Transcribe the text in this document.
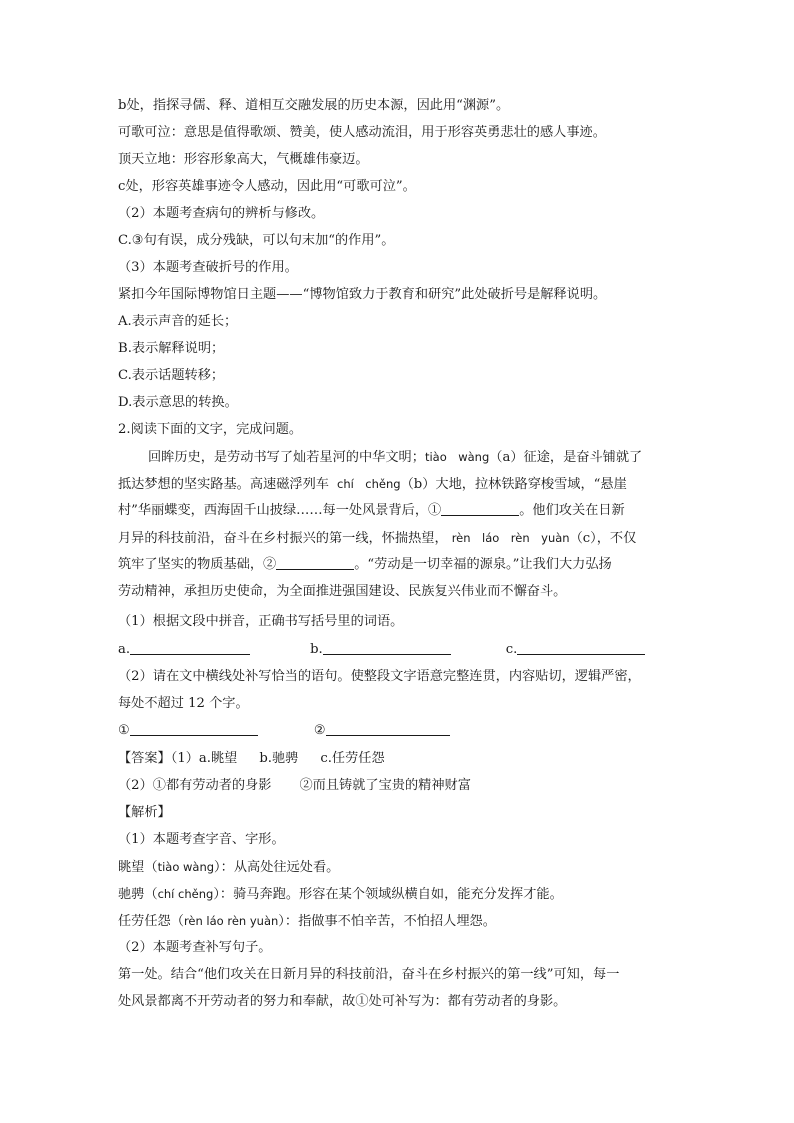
b处，指探寻儒、释、道相互交融发展的历史本源，因此用“渊源”。
可歌可泣：意思是值得歌颂、赞美，使人感动流泪，用于形容英勇悲壮的感人事迹。
顶天立地：形容形象高大，气概雄伟豪迈。
c处，形容英雄事迹令人感动，因此用“可歌可泣”。
（2）本题考查病句的辨析与修改。
C.③句有误，成分残缺，可以句末加“的作用”。
（3）本题考查破折号的作用。
紧扣今年国际博物馆日主题——“博物馆致力于教育和研究”此处破折号是解释说明。
A.表示声音的延长；
B.表示解释说明；
C.表示话题转移；
D.表示意思的转换。
2.阅读下面的文字，完成问题。
回眸历史，是劳动书写了灿若星河的中华文明；tiào　wàng（a）征途，是奋斗铺就了
抵达梦想的坚实路基。高速磁浮列车 chí　chěng（b）大地，拉林铁路穿梭雪域，“悬崖
村”华丽蝶变，西海固千山披绿……每一处风景背后，①	。他们攻关在日新
月异的科技前沿，奋斗在乡村振兴的第一线，怀揣热望， rèn　láo　rèn　yuàn（c），不仅
筑牢了坚实的物质基础，②	。“劳动是一切幸福的源泉。”让我们大力弘扬
劳动精神，承担历史使命，为全面推进强国建设、民族复兴伟业而不懈奋斗。
（1）根据文段中拼音，正确书写括号里的词语。
a.	b.	c.
（2）请在文中横线处补写恰当的语句。使整段文字语意完整连贯，内容贴切，逻辑严密，
每处不超过 12 个字。
①	②
【答案】（1）a.眺望 b.驰骋 c.任劳任怨
（2）①都有劳动者的身影 ②而且铸就了宝贵的精神财富
【解析】
（1）本题考查字音、字形。
眺望（tiào wàng）：从高处往远处看。
驰骋（chí chěng）：骑马奔跑。形容在某个领域纵横自如，能充分发挥才能。
任劳任怨（rèn láo rèn yuàn）：指做事不怕辛苦，不怕招人埋怨。
（2）本题考查补写句子。
第一处。结合“他们攻关在日新月异的科技前沿，奋斗在乡村振兴的第一线”可知，每一
处风景都离不开劳动者的努力和奉献，故①处可补写为：都有劳动者的身影。
